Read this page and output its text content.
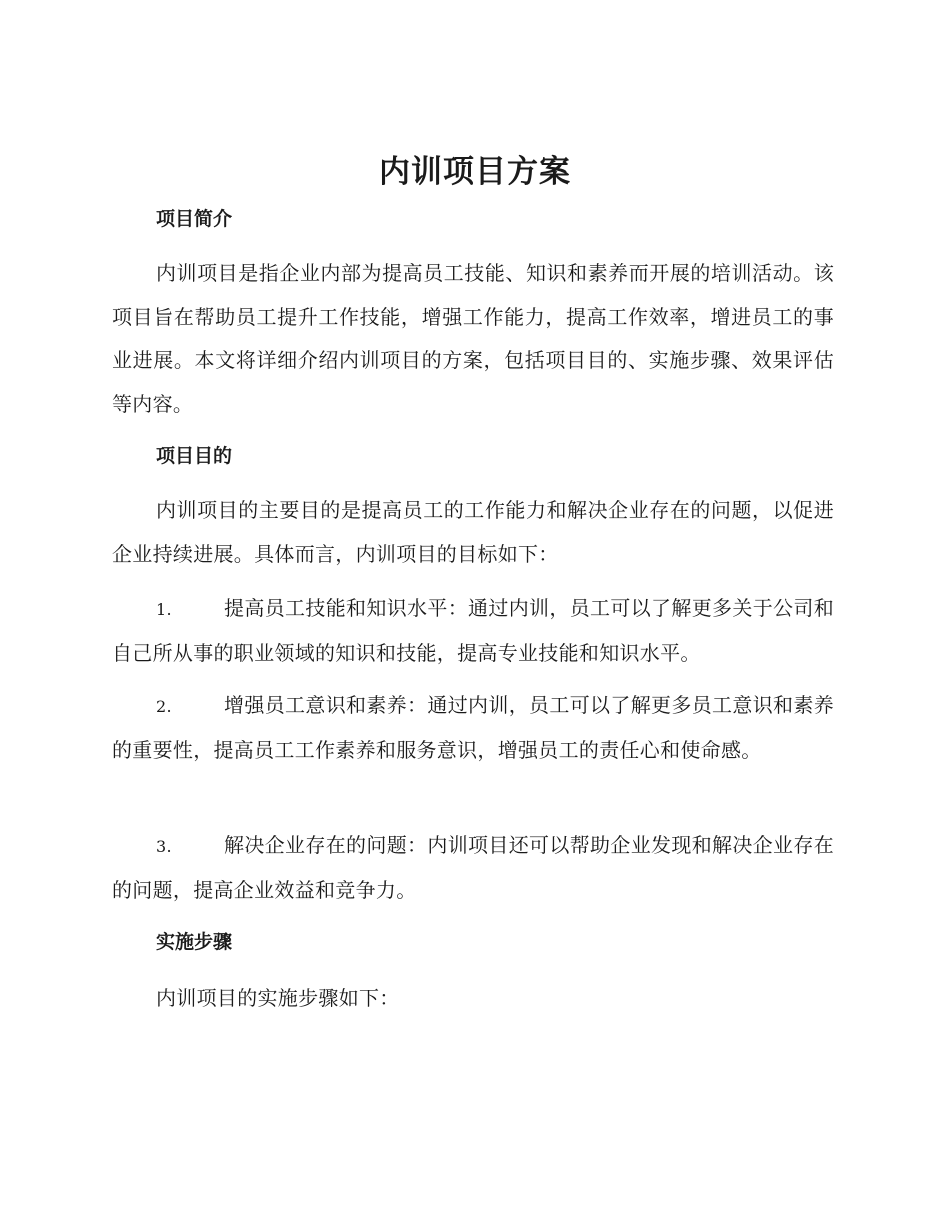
内训项目方案
项目简介
内训项目是指企业内部为提高员工技能、知识和素养而开展的培训活动。该项目旨在帮助员工提升工作技能，增强工作能力，提高工作效率，增进员工的事业进展。本文将详细介绍内训项目的方案，包括项目目的、实施步骤、效果评估等内容。
项目目的
内训项目的主要目的是提高员工的工作能力和解决企业存在的问题，以促进企业持续进展。具体而言，内训项目的目标如下：
1.	提高员工技能和知识水平：通过内训，员工可以了解更多关于公司和自己所从事的职业领域的知识和技能，提高专业技能和知识水平。
2.	增强员工意识和素养：通过内训，员工可以了解更多员工意识和素养的重要性，提高员工工作素养和服务意识，增强员工的责任心和使命感。
3.	解决企业存在的问题：内训项目还可以帮助企业发现和解决企业存在的问题，提高企业效益和竞争力。
实施步骤
内训项目的实施步骤如下：
